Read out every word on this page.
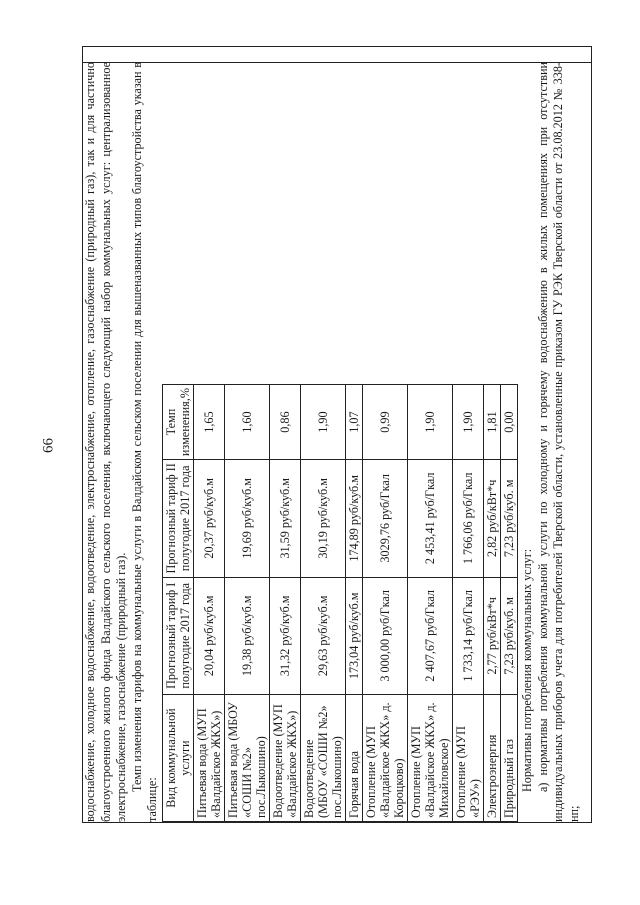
66 водоснабжение, холодное водоснабжение, водоотведение, электроснабжение, отопление, газоснабжение (природный газ), так и для частично благоустроенного жилого фонда Валдайского сельского поселения, включающего следующий набор коммунальных услуг: централизованное электроснабжение, газоснабжение (природный газ). Темп изменения тарифов на коммунальные услуги в Валдайском сельском поселении для вышеназванных типов благоустройства указан в таблице: Вид коммунальной услуги	Прогнозный тариф I полугодие 2017 года	Прогнозный тариф II полугодие 2017 года	Темп изменения,%
Питьевая вода (МУП «Валдайское ЖКХ»)	20,04 руб/куб.м	20,37 руб/куб.м	1,65
Питьевая вода (МБОУ «СОШИ №2» пос.Лыкошино)	19,38 руб/куб.м	19,69 руб/куб.м	1,60
Водоотведение (МУП «Валдайское ЖКХ»)	31,32 руб/куб.м	31,59 руб/куб.м	0,86
Водоотведение (МБОУ «СОШИ №2» пос.Лыкошино)	29,63 руб/куб.м	30,19 руб/куб.м	1,90
Горячая вода	173,04 руб/куб.м	174,89 руб/куб.м	1,07
Отопление (МУП «Валдайское ЖКХ» д. Короцково)	3 000,00 руб/Гкал	3029,76 руб/Гкал	0,99
Отопление (МУП «Валдайское ЖКХ» д. Михайловское)	2 407,67 руб/Гкал	2 453,41 руб/Гкал	1,90
Отопление (МУП «РЭУ»)	1 733,14 руб/Гкал	1 766,06 руб/Гкал	1,90
Электроэнергия	2,77 руб/кВт*ч	2,82 руб/кВт*ч	1,81
Природный газ	7,23 руб/куб. м	7,23 руб/куб. м	0,00

Нормативы потребления коммунальных услуг: а) нормативы потребления коммунальной услуги по холодному и горячему водоснабжению в жилых помещениях при отсутствии индивидуальных приборов учета для потребителей Тверской области, установленные приказом ГУ РЭК Тверской области от 23.08.2012 № 338-нп;
